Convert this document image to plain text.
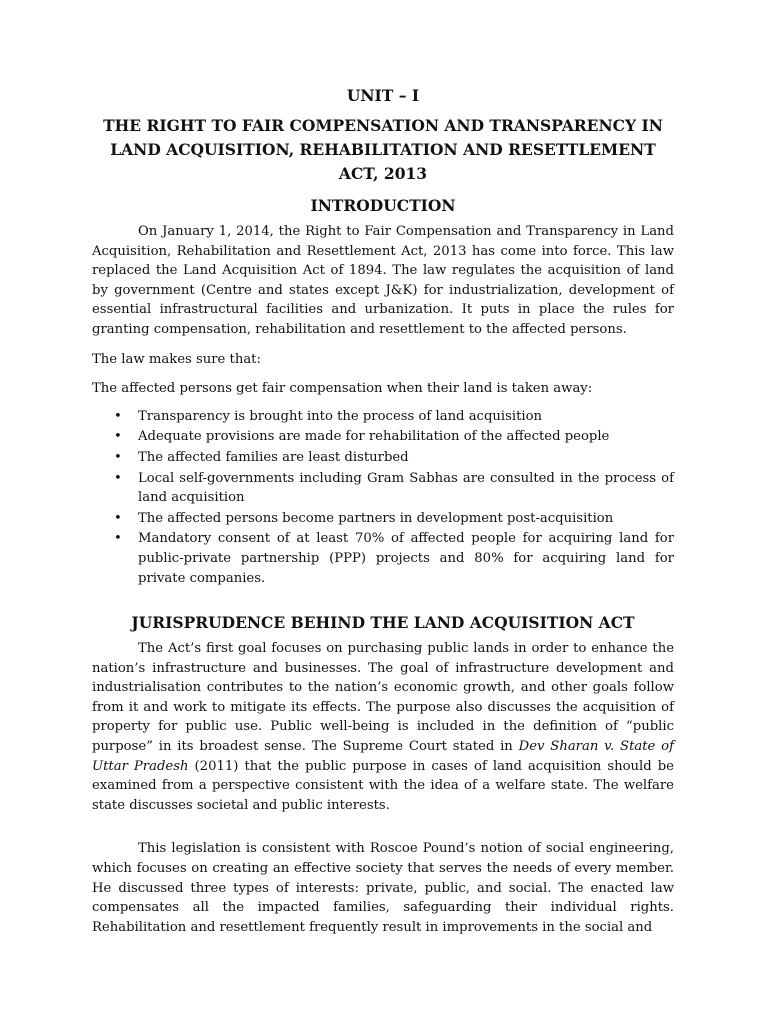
UNIT – I
THE RIGHT TO FAIR COMPENSATION AND TRANSPARENCY IN LAND ACQUISITION, REHABILITATION AND RESETTLEMENT ACT, 2013
INTRODUCTION

On January 1, 2014, the Right to Fair Compensation and Transparency in Land Acquisition, Rehabilitation and Resettlement Act, 2013 has come into force. This law replaced the Land Acquisition Act of 1894. The law regulates the acquisition of land by government (Centre and states except J&K) for industrialization, development of essential infrastructural facilities and urbanization. It puts in place the rules for granting compensation, rehabilitation and resettlement to the affected persons.

The law makes sure that:

The affected persons get fair compensation when their land is taken away:

• Transparency is brought into the process of land acquisition
• Adequate provisions are made for rehabilitation of the affected people
• The affected families are least disturbed
• Local self-governments including Gram Sabhas are consulted in the process of land acquisition
• The affected persons become partners in development post-acquisition
• Mandatory consent of at least 70% of affected people for acquiring land for public-private partnership (PPP) projects and 80% for acquiring land for private companies.
JURISPRUDENCE BEHIND THE LAND ACQUISITION ACT

The Act’s first goal focuses on purchasing public lands in order to enhance the nation’s infrastructure and businesses. The goal of infrastructure development and industrialisation contributes to the nation’s economic growth, and other goals follow from it and work to mitigate its effects. The purpose also discusses the acquisition of property for public use. Public well-being is included in the definition of “public purpose” in its broadest sense. The Supreme Court stated in Dev Sharan v. State of Uttar Pradesh (2011) that the public purpose in cases of land acquisition should be examined from a perspective consistent with the idea of a welfare state. The welfare state discusses societal and public interests.

This legislation is consistent with Roscoe Pound’s notion of social engineering, which focuses on creating an effective society that serves the needs of every member. He discussed three types of interests: private, public, and social. The enacted law compensates all the impacted families, safeguarding their individual rights. Rehabilitation and resettlement frequently result in improvements in the social and
